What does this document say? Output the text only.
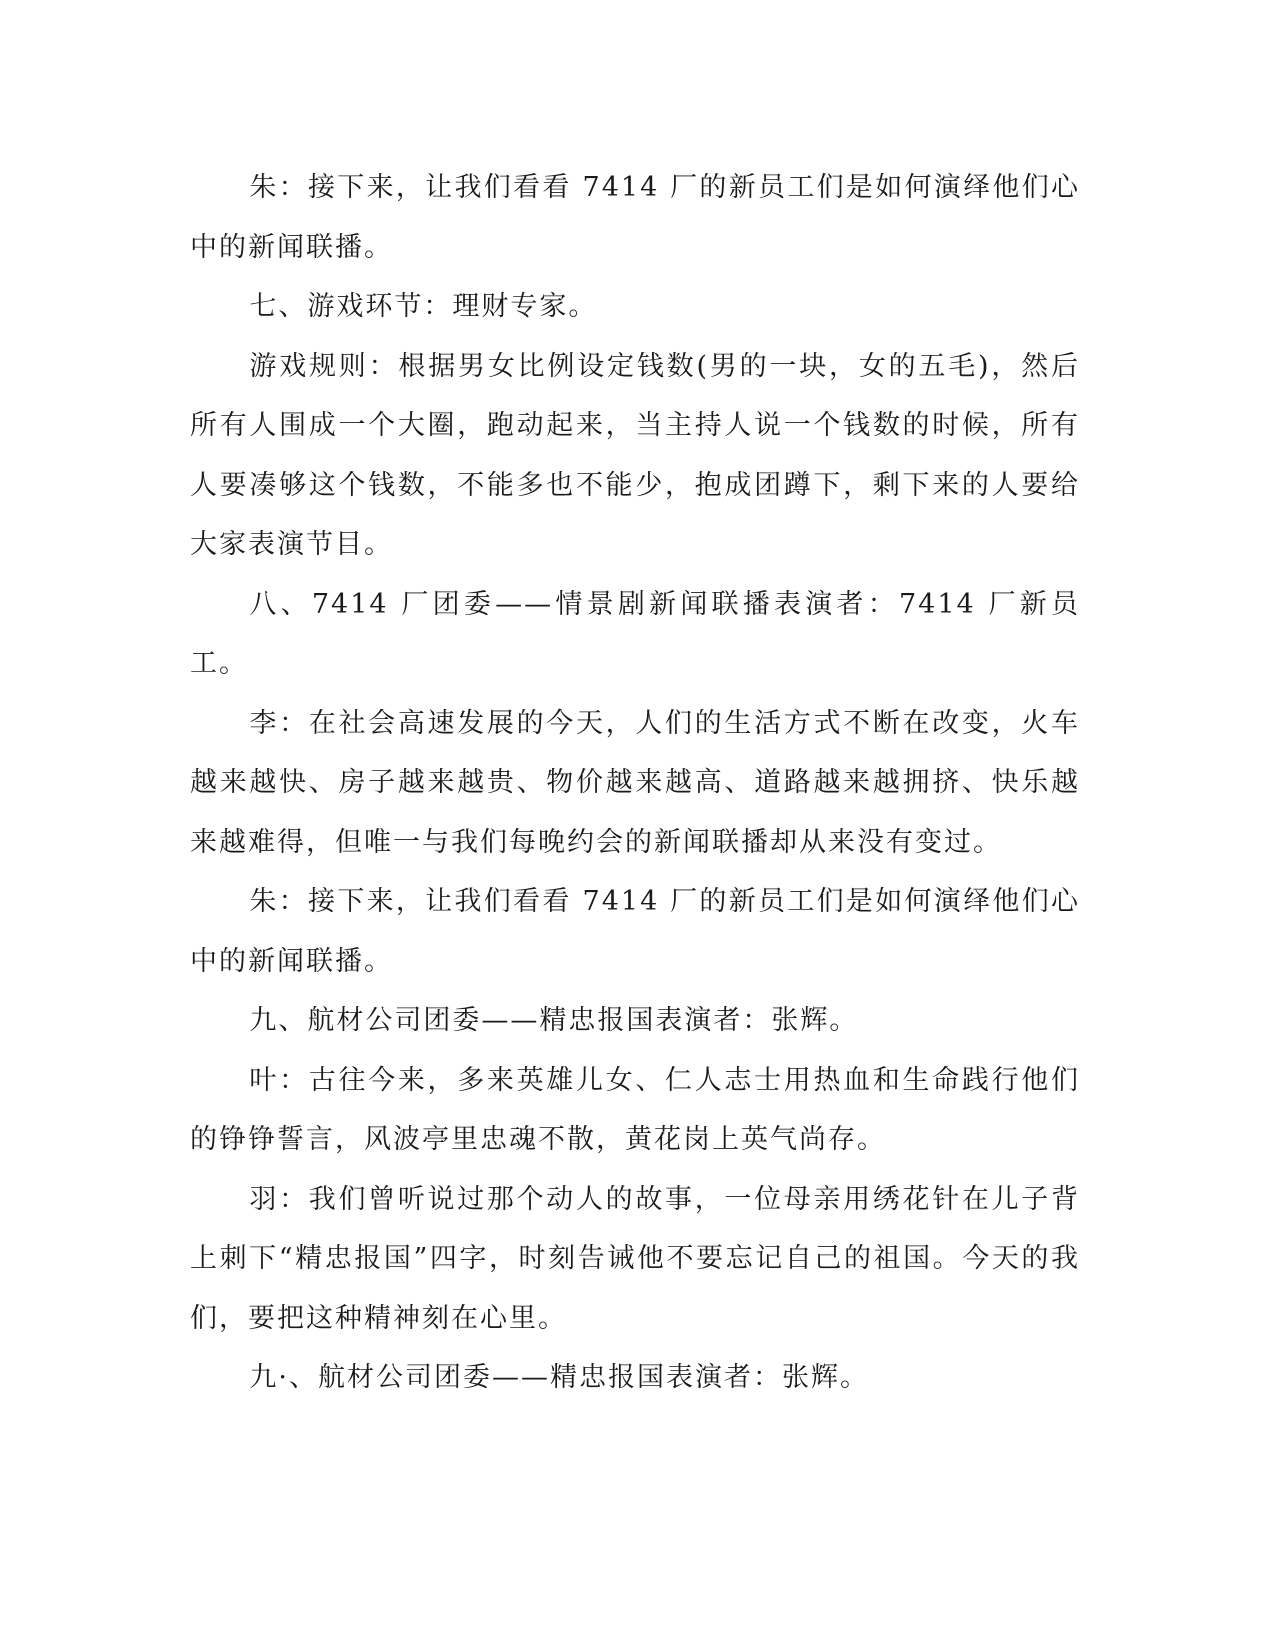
朱：接下来，让我们看看 7414 厂的新员工们是如何演绎他们心中的新闻联播。

七、游戏环节：理财专家。

游戏规则：根据男女比例设定钱数(男的一块，女的五毛)，然后所有人围成一个大圈，跑动起来，当主持人说一个钱数的时候，所有人要凑够这个钱数，不能多也不能少，抱成团蹲下，剩下来的人要给大家表演节目。

八、7414 厂团委——情景剧新闻联播表演者：7414 厂新员工。

李：在社会高速发展的今天，人们的生活方式不断在改变，火车越来越快、房子越来越贵、物价越来越高、道路越来越拥挤、快乐越来越难得，但唯一与我们每晚约会的新闻联播却从来没有变过。

朱：接下来，让我们看看 7414 厂的新员工们是如何演绎他们心中的新闻联播。

九、航材公司团委——精忠报国表演者：张辉。

叶：古往今来，多来英雄儿女、仁人志士用热血和生命践行他们的铮铮誓言，风波亭里忠魂不散，黄花岗上英气尚存。

羽：我们曾听说过那个动人的故事，一位母亲用绣花针在儿子背上刺下“精忠报国”四字，时刻告诫他不要忘记自己的祖国。今天的我们，要把这种精神刻在心里。

九·、航材公司团委——精忠报国表演者：张辉。
